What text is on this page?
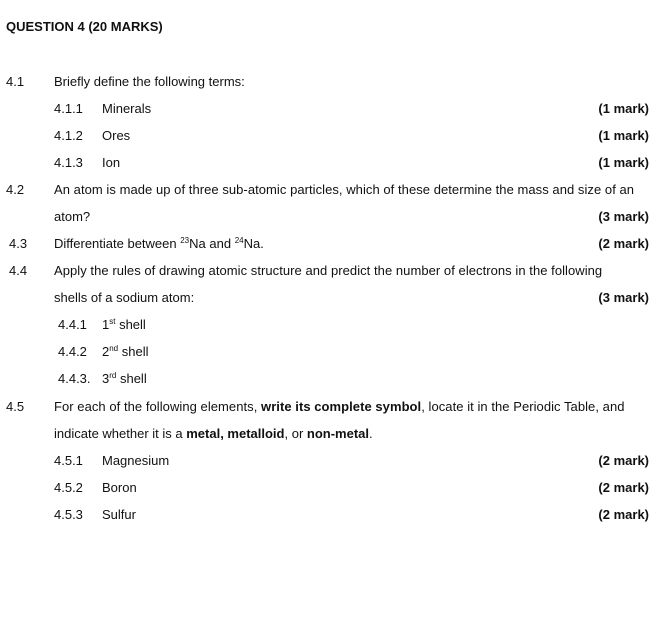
QUESTION 4 (20 MARKS)
4.1 Briefly define the following terms:
4.1.1 Minerals	(1 mark)
4.1.2 Ores	(1 mark)
4.1.3 Ion	(1 mark)
4.2 An atom is made up of three sub-atomic particles, which of these determine the mass and size of an
atom?	(3 mark)
4.3 Differentiate between $^{23}$Na and $^{24}$Na.	(2 mark)
4.4 Apply the rules of drawing atomic structure and predict the number of electrons in the following
shells of a sodium atom:	(3 mark)
4.4.1 1st shell
4.4.2 2nd shell
4.4.3. 3rd shell
4.5 For each of the following elements, write its complete symbol, locate it in the Periodic Table, and
indicate whether it is a metal, metalloid, or non-metal.
4.5.1 Magnesium	(2 mark)
4.5.2 Boron	(2 mark)
4.5.3 Sulfur	(2 mark)
